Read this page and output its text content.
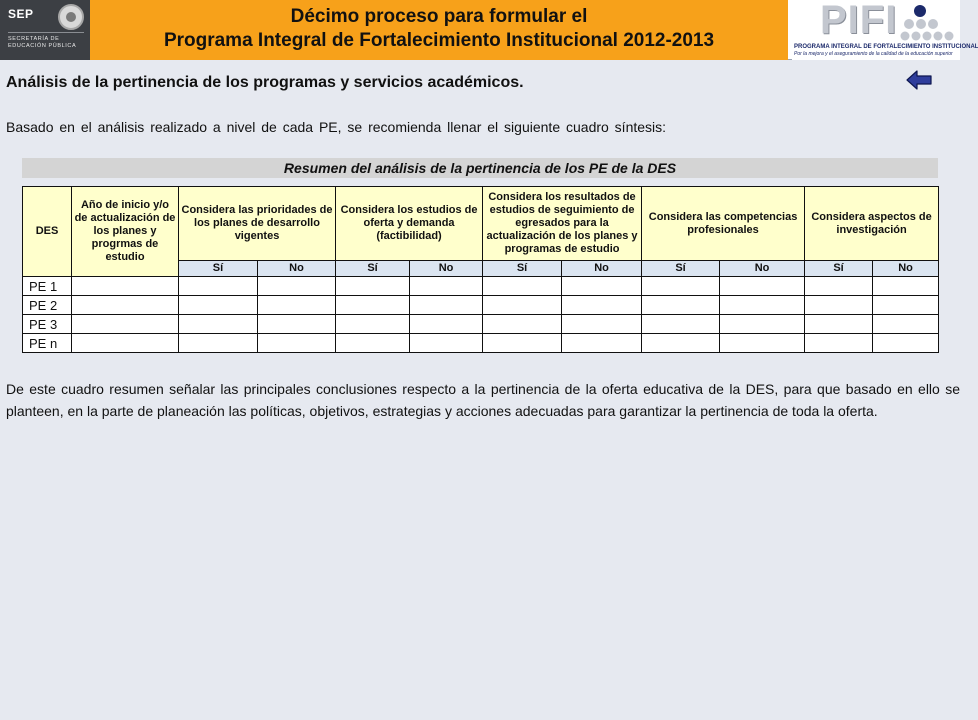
SEP
SECRETARÍA DE
EDUCACIÓN PÚBLICA
Décimo proceso para formular el
Programa Integral de Fortalecimiento Institucional 2012-2013	PIFI
PROGRAMA INTEGRAL DE FORTALECIMIENTO INSTITUCIONAL
Por la mejora y el aseguramiento de la calidad de la educación superior
Análisis de la pertinencia de los programas y servicios académicos.
Basado en el análisis realizado a nivel de cada PE, se recomienda llenar el siguiente cuadro síntesis:
Resumen del análisis de la pertinencia de los PE de la DES
DES	Año de inicio y/o de actualización de los planes y progrmas de estudio	Considera las prioridades de los planes de desarrollo vigentes		Considera los estudios de oferta y demanda (factibilidad)		Considera los resultados de estudios de seguimiento de egresados para la actualización de los planes y programas de estudio		Considera las competencias profesionales		Considera aspectos de investigación	
		Sí	No	Sí	No	Sí	No	Sí	No	Sí	No
PE 1											
PE 2											
PE 3											
PE n											
De este cuadro resumen señalar las principales conclusiones respecto a la pertinencia de la oferta educativa de la DES, para que basado en ello se planteen, en la parte de planeación las políticas, objetivos, estrategias y acciones adecuadas para garantizar la pertinencia de toda la oferta.
